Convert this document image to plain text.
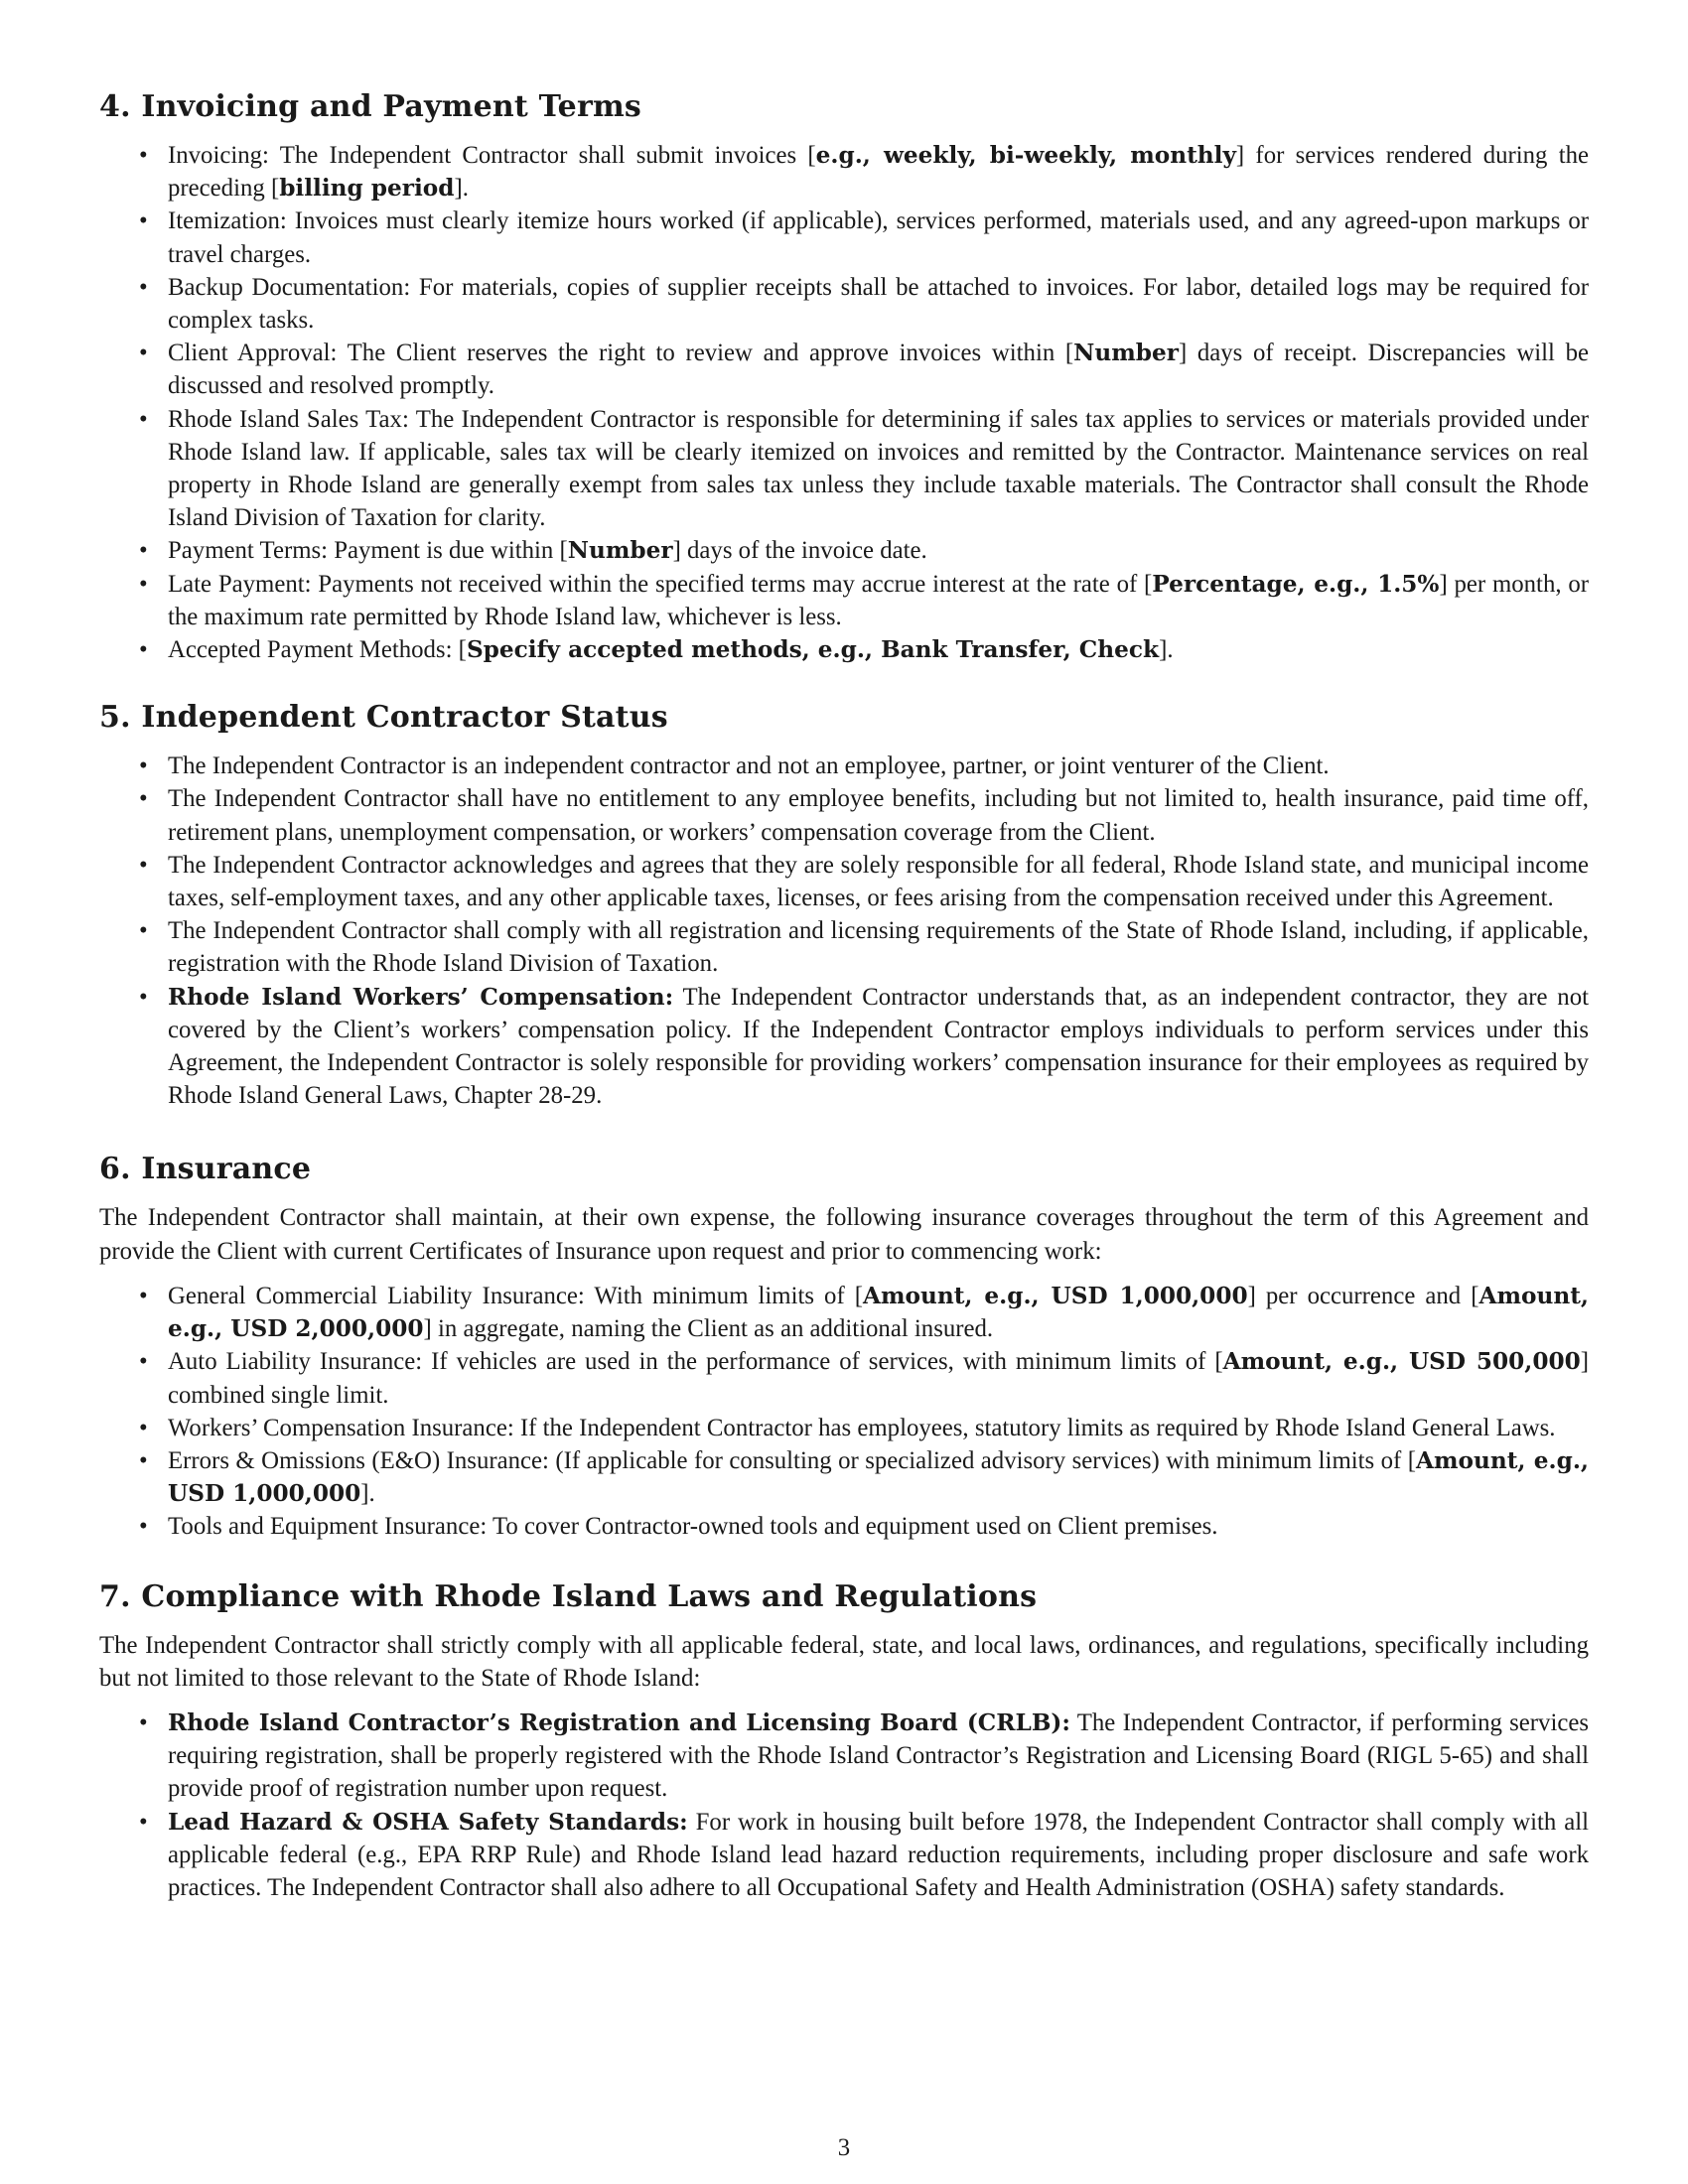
4. Invoicing and Payment Terms
• Invoicing: The Independent Contractor shall submit invoices [e.g., weekly, bi-weekly, monthly] for services rendered during the preceding [billing period].
• Itemization: Invoices must clearly itemize hours worked (if applicable), services performed, materials used, and any agreed-upon markups or travel charges.
• Backup Documentation: For materials, copies of supplier receipts shall be attached to invoices. For labor, detailed logs may be required for complex tasks.
• Client Approval: The Client reserves the right to review and approve invoices within [Number] days of receipt. Discrepancies will be discussed and resolved promptly.
• Rhode Island Sales Tax: The Independent Contractor is responsible for determining if sales tax applies to services or materials provided under Rhode Island law. If applicable, sales tax will be clearly itemized on invoices and remitted by the Contractor. Maintenance services on real property in Rhode Island are generally exempt from sales tax unless they include taxable materials. The Contractor shall consult the Rhode Island Division of Taxation for clarity.
• Payment Terms: Payment is due within [Number] days of the invoice date.
• Late Payment: Payments not received within the specified terms may accrue interest at the rate of [Percentage, e.g., 1.5%] per month, or the maximum rate permitted by Rhode Island law, whichever is less.
• Accepted Payment Methods: [Specify accepted methods, e.g., Bank Transfer, Check].
5. Independent Contractor Status
• The Independent Contractor is an independent contractor and not an employee, partner, or joint venturer of the Client.
• The Independent Contractor shall have no entitlement to any employee benefits, including but not limited to, health insurance, paid time off, retirement plans, unemployment compensation, or workers’ compensation coverage from the Client.
• The Independent Contractor acknowledges and agrees that they are solely responsible for all federal, Rhode Island state, and municipal income taxes, self-employment taxes, and any other applicable taxes, licenses, or fees arising from the compensation received under this Agreement.
• The Independent Contractor shall comply with all registration and licensing requirements of the State of Rhode Island, including, if applicable, registration with the Rhode Island Division of Taxation.
• Rhode Island Workers’ Compensation: The Independent Contractor understands that, as an independent contractor, they are not covered by the Client’s workers’ compensation policy. If the Independent Contractor employs individuals to perform services under this Agreement, the Independent Contractor is solely responsible for providing workers’ compensation insurance for their employees as required by Rhode Island General Laws, Chapter 28-29.
6. Insurance

The Independent Contractor shall maintain, at their own expense, the following insurance coverages throughout the term of this Agreement and provide the Client with current Certificates of Insurance upon request and prior to commencing work:

• General Commercial Liability Insurance: With minimum limits of [Amount, e.g., USD 1,000,000] per occurrence and [Amount, e.g., USD 2,000,000] in aggregate, naming the Client as an additional insured.
• Auto Liability Insurance: If vehicles are used in the performance of services, with minimum limits of [Amount, e.g., USD 500,000] combined single limit.
• Workers’ Compensation Insurance: If the Independent Contractor has employees, statutory limits as required by Rhode Island General Laws.
• Errors & Omissions (E&O) Insurance: (If applicable for consulting or specialized advisory services) with minimum limits of [Amount, e.g., USD 1,000,000].
• Tools and Equipment Insurance: To cover Contractor-owned tools and equipment used on Client premises.
7. Compliance with Rhode Island Laws and Regulations

The Independent Contractor shall strictly comply with all applicable federal, state, and local laws, ordinances, and regulations, specifically including but not limited to those relevant to the State of Rhode Island:

• Rhode Island Contractor’s Registration and Licensing Board (CRLB): The Independent Contractor, if performing services requiring registration, shall be properly registered with the Rhode Island Contractor’s Registration and Licensing Board (RIGL 5-65) and shall provide proof of registration number upon request.
• Lead Hazard & OSHA Safety Standards: For work in housing built before 1978, the Independent Contractor shall comply with all applicable federal (e.g., EPA RRP Rule) and Rhode Island lead hazard reduction requirements, including proper disclosure and safe work practices. The Independent Contractor shall also adhere to all Occupational Safety and Health Administration (OSHA) safety standards.
3
